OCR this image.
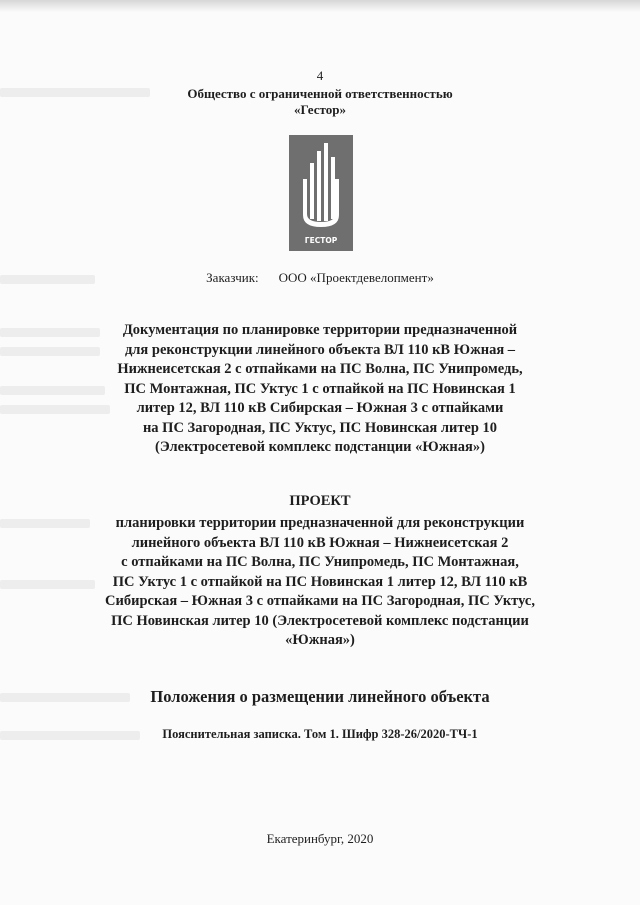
4
Общество с ограниченной ответственностью
«Гестор»
ГЕСТОР
Заказчик: ООО «Проектдевелопмент»
Документация по планировке территории предназначенной
для реконструкции линейного объекта ВЛ 110 кВ Южная –
Нижнеисетская 2 с отпайками на ПС Волна, ПС Унипромедь,
ПС Монтажная, ПС Уктус 1 с отпайкой на ПС Новинская 1
литер 12, ВЛ 110 кВ Сибирская – Южная 3 с отпайками
на ПС Загородная, ПС Уктус, ПС Новинская литер 10
(Электросетевой комплекс подстанции «Южная»)
ПРОЕКТ
планировки территории предназначенной для реконструкции
линейного объекта ВЛ 110 кВ Южная – Нижнеисетская 2
с отпайками на ПС Волна, ПС Унипромедь, ПС Монтажная,
ПС Уктус 1 с отпайкой на ПС Новинская 1 литер 12, ВЛ 110 кВ
Сибирская – Южная 3 с отпайками на ПС Загородная, ПС Уктус,
ПС Новинская литер 10 (Электросетевой комплекс подстанции
«Южная»)
Положения о размещении линейного объекта
Пояснительная записка. Том 1. Шифр 328-26/2020-ТЧ-1
Екатеринбург, 2020
